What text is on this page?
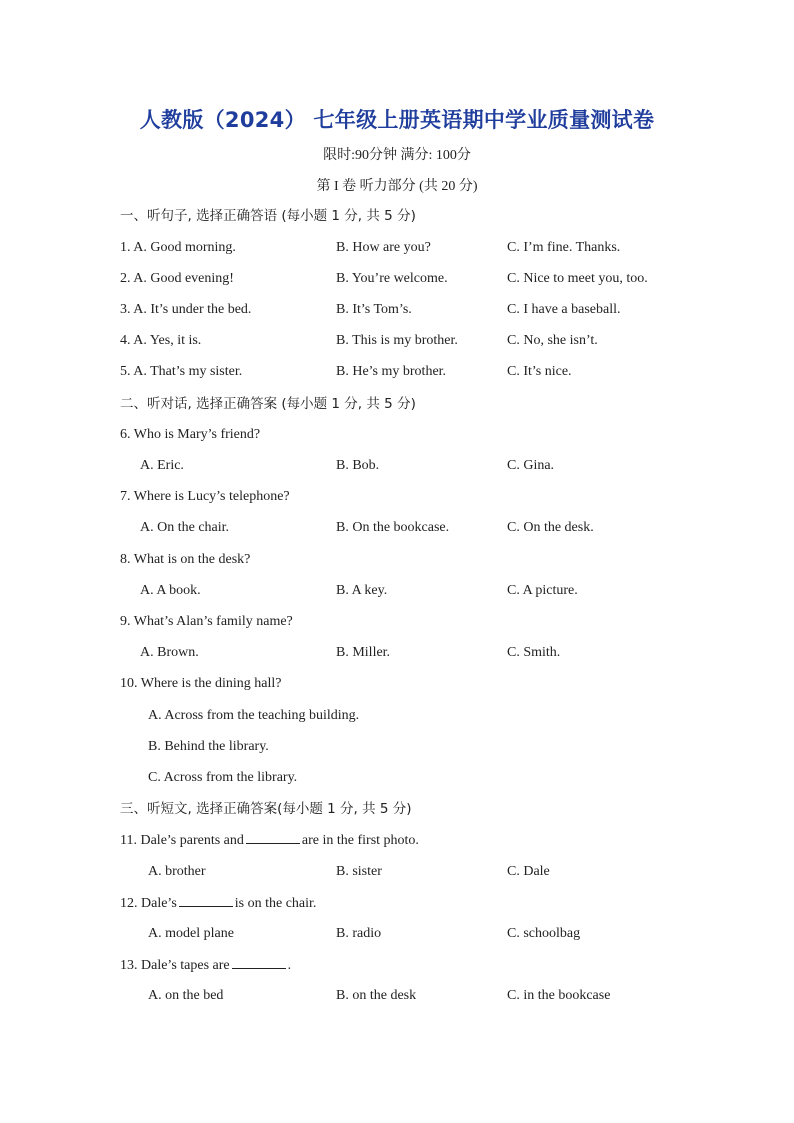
人教版（2024） 七年级上册英语期中学业质量测试卷
限时:90分钟 满分: 100分
第 I 卷 听力部分 (共 20 分)
一、听句子, 选择正确答语 (每小题 1 分, 共 5 分)
1. A. Good morning.	B. How are you?	C. I’m fine. Thanks.
2. A. Good evening!	B. You’re welcome.	C. Nice to meet you, too.
3. A. It’s under the bed.	B. It’s Tom’s.	C. I have a baseball.
4. A. Yes, it is.	B. This is my brother.	C. No, she isn’t.
5. A. That’s my sister.	B. He’s my brother.	C. It’s nice.
二、听对话, 选择正确答案 (每小题 1 分, 共 5 分)
6. Who is Mary’s friend?
A. Eric.	B. Bob.	C. Gina.
7. Where is Lucy’s telephone?
A. On the chair.	B. On the bookcase.	C. On the desk.
8. What is on the desk?
A. A book.	B. A key.	C. A picture.
9. What’s Alan’s family name?
A. Brown.	B. Miller.	C. Smith.
10. Where is the dining hall?
A. Across from the teaching building.
B. Behind the library.
C. Across from the library.
三、听短文, 选择正确答案(每小题 1 分, 共 5 分)
11. Dale’s parents and	are in the first photo.
A. brother	B. sister	C. Dale
12. Dale’s	is on the chair.
A. model plane	B. radio	C. schoolbag
13. Dale’s tapes are	.
A. on the bed	B. on the desk	C. in the bookcase
